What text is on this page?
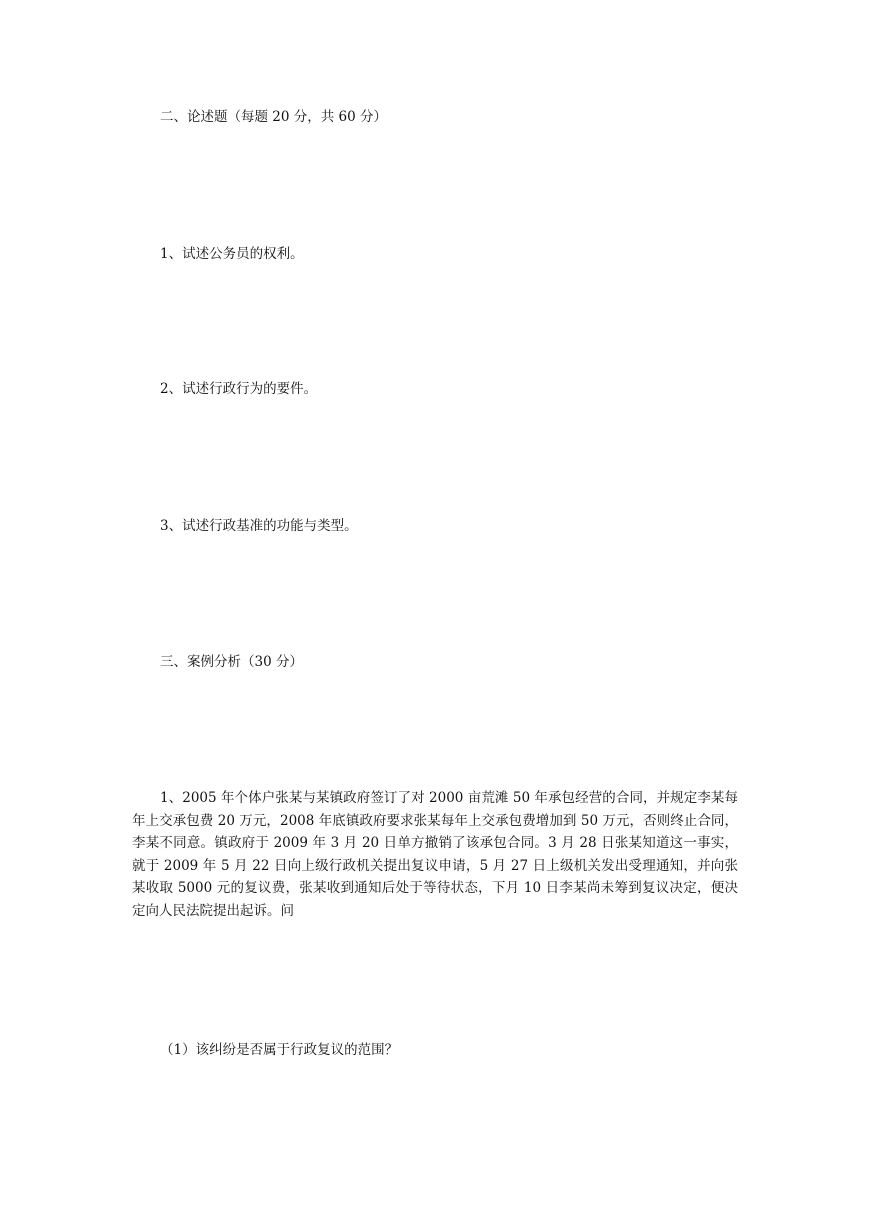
二、论述题（每题 20 分，共 60 分）

1、试述公务员的权利。

2、试述行政行为的要件。

3、试述行政基准的功能与类型。

三、案例分析（30 分）

1、2005 年个体户张某与某镇政府签订了对 2000 亩荒滩 50 年承包经营的合同，并规定李某每年上交承包费 20 万元，2008 年底镇政府要求张某每年上交承包费增加到 50 万元，否则终止合同，李某不同意。镇政府于 2009 年 3 月 20 日单方撤销了该承包合同。3 月 28 日张某知道这一事实，就于 2009 年 5 月 22 日向上级行政机关提出复议申请，5 月 27 日上级机关发出受理通知，并向张某收取 5000 元的复议费，张某收到通知后处于等待状态，下月 10 日李某尚未筹到复议决定，便决定向人民法院提出起诉。问

（1）该纠纷是否属于行政复议的范围？
